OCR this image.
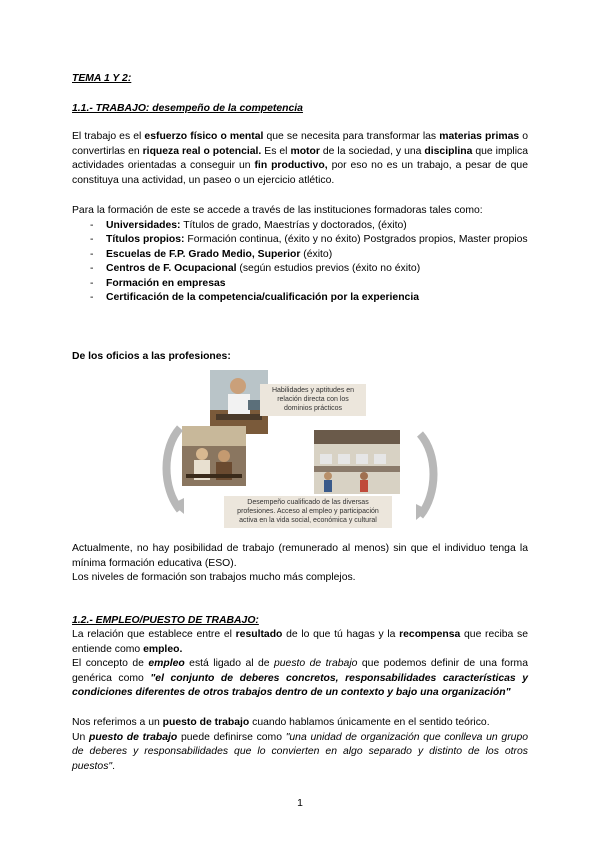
TEMA 1 Y 2:

1.1.- TRABAJO: desempeño de la competencia

El trabajo es el esfuerzo físico o mental que se necesita para transformar las materias primas o convertirlas en riqueza real o potencial. Es el motor de la sociedad, y una disciplina que implica actividades orientadas a conseguir un fin productivo, por eso no es un trabajo, a pesar de que constituya una actividad, un paseo o un ejercicio atlético.

Para la formación de este se accede a través de las instituciones formadoras tales como:

- Universidades: Títulos de grado, Maestrías y doctorados, (éxito)
- Títulos propios: Formación continua, (éxito y no éxito) Postgrados propios, Master propios
- Escuelas de F.P. Grado Medio, Superior (éxito)
- Centros de F. Ocupacional (según estudios previos (éxito no éxito)
- Formación en empresas
- Certificación de la competencia/cualificación por la experiencia

De los oficios a las profesiones:

Habilidades y aptitudes en relación directa con los dominios prácticos
Desempeño cualificado de las diversas profesiones. Acceso al empleo y participación activa en la vida social, económica y cultural

Actualmente, no hay posibilidad de trabajo (remunerado al menos) sin que el individuo tenga la mínima formación educativa (ESO).

Los niveles de formación son trabajos mucho más complejos.

1.2.- EMPLEO/PUESTO DE TRABAJO:

La relación que establece entre el resultado de lo que tú hagas y la recompensa que reciba se entiende como empleo.

El concepto de empleo está ligado al de puesto de trabajo que podemos definir de una forma genérica como "el conjunto de deberes concretos, responsabilidades características y condiciones diferentes de otros trabajos dentro de un contexto y bajo una organización"

Nos referimos a un puesto de trabajo cuando hablamos únicamente en el sentido teórico.

Un puesto de trabajo puede definirse como "una unidad de organización que conlleva un grupo de deberes y responsabilidades que lo convierten en algo separado y distinto de los otros puestos".

1
